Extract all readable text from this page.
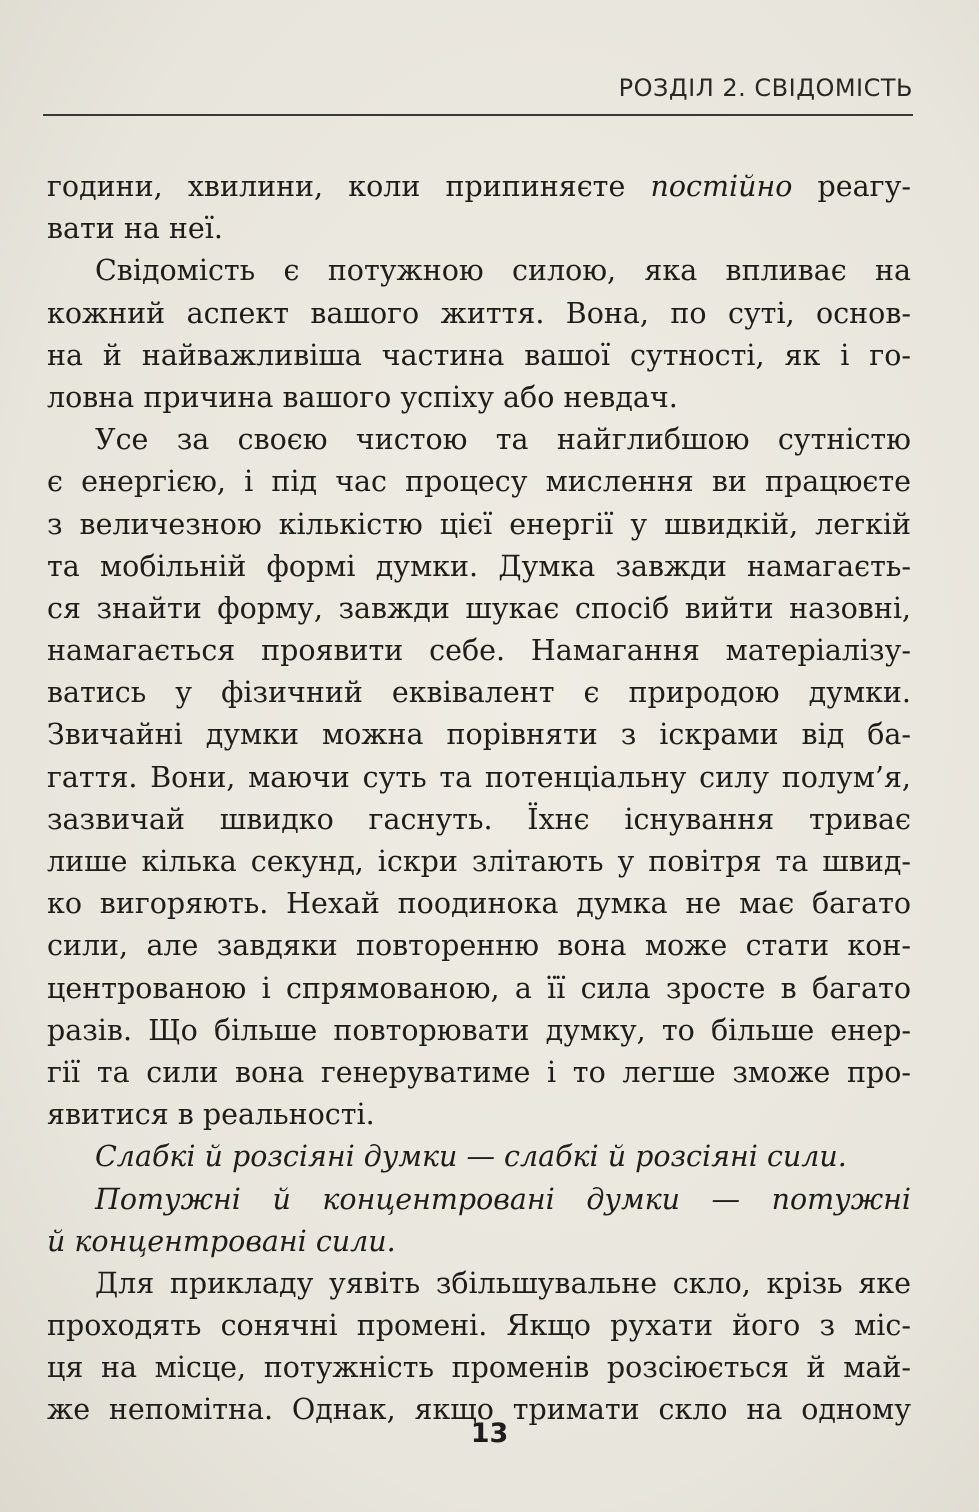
РОЗДІЛ 2. СВІДОМІСТЬ
години, хвилини, коли припиняєте постійно реагу-
вати на неї.
Свідомість є потужною силою, яка впливає на
кожний аспект вашого життя. Вона, по суті, основ-
на й найважливіша частина вашої сутності, як і го-
ловна причина вашого успіху або невдач.
Усе за своєю чистою та найглибшою сутністю
є енергією, і під час процесу мислення ви працюєте
з величезною кількістю цієї енергії у швидкій, легкій
та мобільній формі думки. Думка завжди намагаєть-
ся знайти форму, завжди шукає спосіб вийти назовні,
намагається проявити себе. Намагання матеріалізу-
ватись у фізичний еквівалент є природою думки.
Звичайні думки можна порівняти з іскрами від ба-
гаття. Вони, маючи суть та потенціальну силу полум’я,
зазвичай швидко гаснуть. Їхнє існування триває
лише кілька секунд, іскри злітають у повітря та швид-
ко вигоряють. Нехай поодинока думка не має багато
сили, але завдяки повторенню вона може стати кон-
центрованою і спрямованою, а її сила зросте в багато
разів. Що більше повторювати думку, то більше енер-
гії та сили вона генеруватиме і то легше зможе про-
явитися в реальності.
Слабкі й розсіяні думки — слабкі й розсіяні сили.
Потужні й концентровані думки — потужні
й концентровані сили.
Для прикладу уявіть збільшувальне скло, крізь яке
проходять сонячні промені. Якщо рухати його з міс-
ця на місце, потужність променів розсіюється й май-
же непомітна. Однак, якщо тримати скло на одному
13
